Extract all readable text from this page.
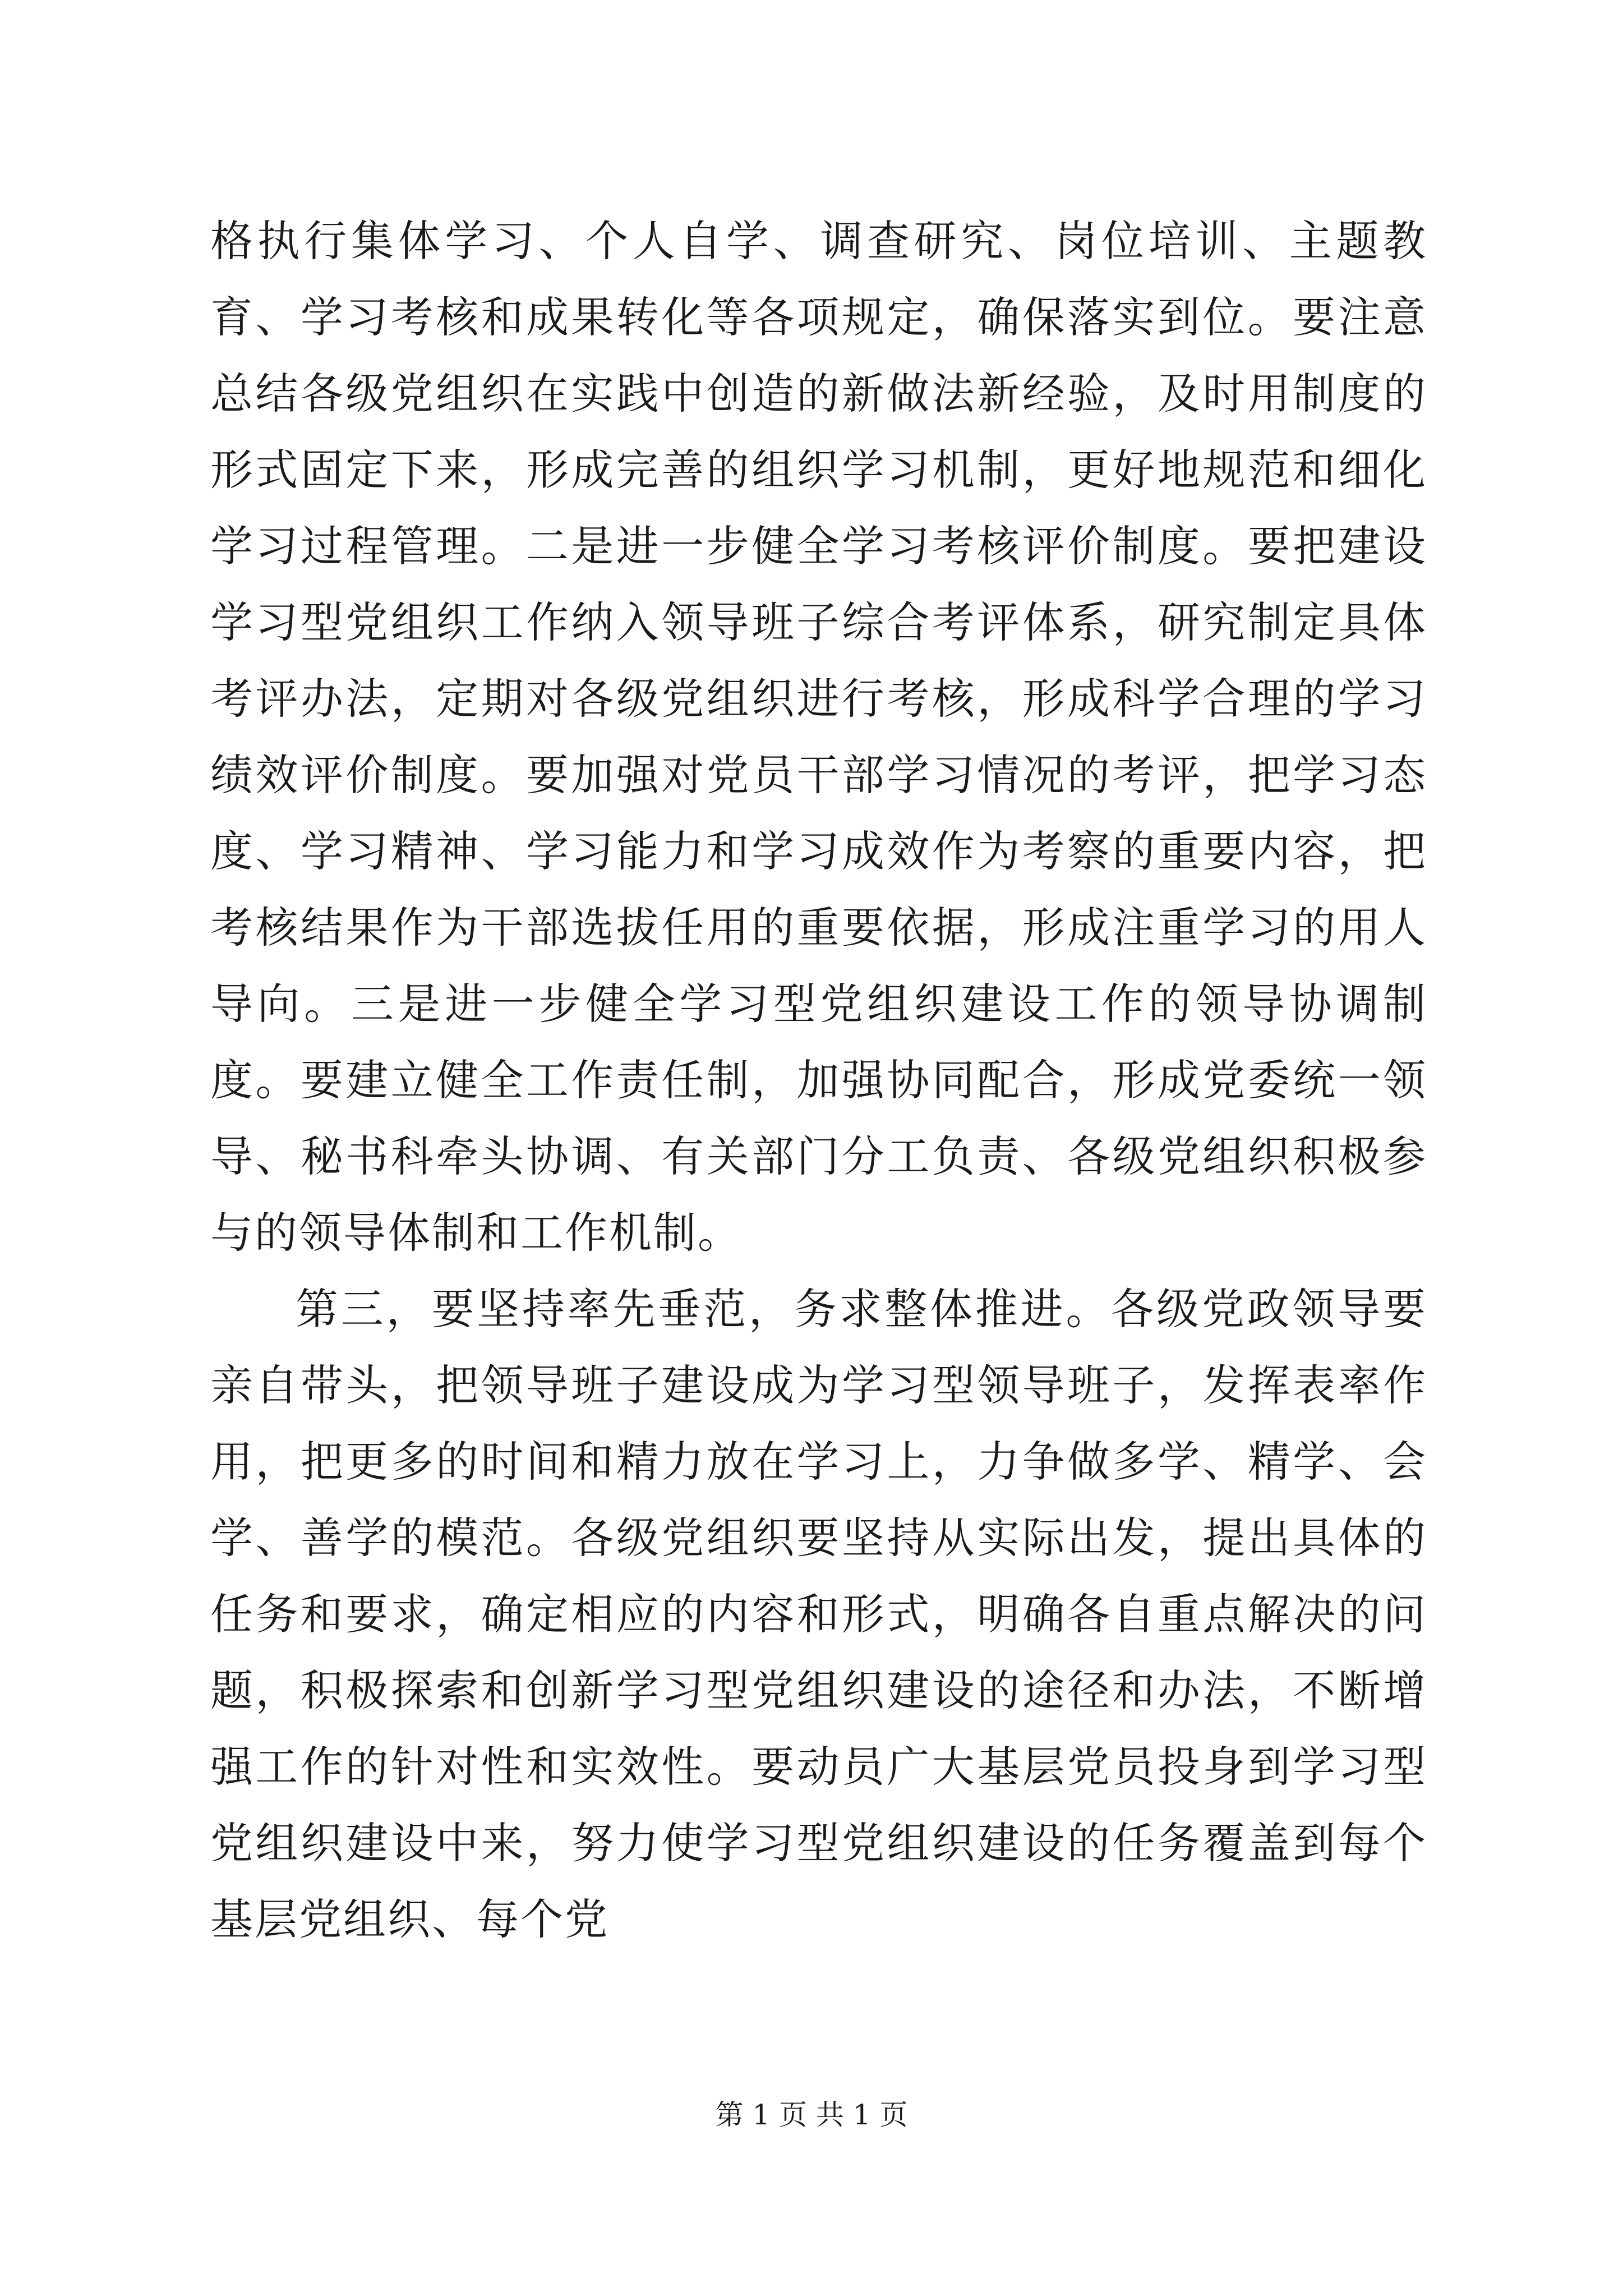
格执行集体学习、个人自学、调查研究、岗位培训、主题教育、学习考核和成果转化等各项规定，确保落实到位。要注意总结各级党组织在实践中创造的新做法新经验，及时用制度的形式固定下来，形成完善的组织学习机制，更好地规范和细化学习过程管理。二是进一步健全学习考核评价制度。要把建设学习型党组织工作纳入领导班子综合考评体系，研究制定具体考评办法，定期对各级党组织进行考核，形成科学合理的学习绩效评价制度。要加强对党员干部学习情况的考评，把学习态度、学习精神、学习能力和学习成效作为考察的重要内容，把考核结果作为干部选拔任用的重要依据，形成注重学习的用人导向。三是进一步健全学习型党组织建设工作的领导协调制度。要建立健全工作责任制，加强协同配合，形成党委统一领导、秘书科牵头协调、有关部门分工负责、各级党组织积极参与的领导体制和工作机制。

第三，要坚持率先垂范，务求整体推进。各级党政领导要亲自带头，把领导班子建设成为学习型领导班子，发挥表率作用，把更多的时间和精力放在学习上，力争做多学、精学、会学、善学的模范。各级党组织要坚持从实际出发，提出具体的任务和要求，确定相应的内容和形式，明确各自重点解决的问题，积极探索和创新学习型党组织建设的途径和办法，不断增强工作的针对性和实效性。要动员广大基层党员投身到学习型党组织建设中来，努力使学习型党组织建设的任务覆盖到每个基层党组织、每个党

第 1 页 共 1 页
